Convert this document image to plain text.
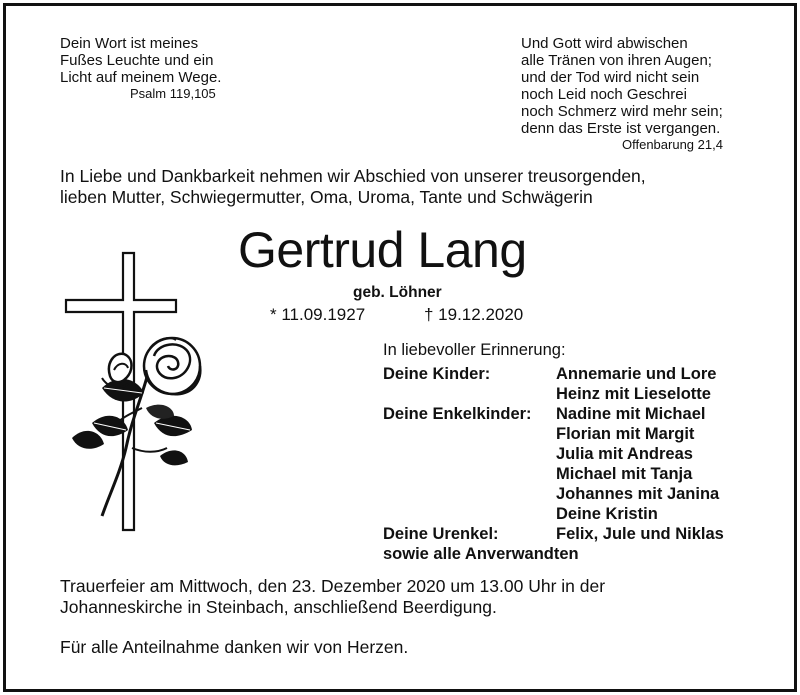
Dein Wort ist meines
Fußes Leuchte und ein
Licht auf meinem Wege.
Psalm 119,105
Und Gott wird abwischen
alle Tränen von ihren Augen;
und der Tod wird nicht sein
noch Leid noch Geschrei
noch Schmerz wird mehr sein;
denn das Erste ist vergangen.
Offenbarung 21,4
In Liebe und Dankbarkeit nehmen wir Abschied von unserer treusorgenden,
lieben Mutter, Schwiegermutter, Oma, Uroma, Tante und Schwägerin
Gertrud Lang
geb. Löhner
* 11.09.1927	† 19.12.2020
In liebevoller Erinnerung:
Deine Kinder:	Annemarie und Lore
Heinz mit Lieselotte
Deine Enkelkinder: Nadine mit Michael
Florian mit Margit
Julia mit Andreas
Michael mit Tanja
Johannes mit Janina
Deine Kristin
Deine Urenkel:	Felix, Jule und Niklas
sowie alle Anverwandten
Trauerfeier am Mittwoch, den 23. Dezember 2020 um 13.00 Uhr in der
Johanneskirche in Steinbach, anschließend Beerdigung.
Für alle Anteilnahme danken wir von Herzen.
